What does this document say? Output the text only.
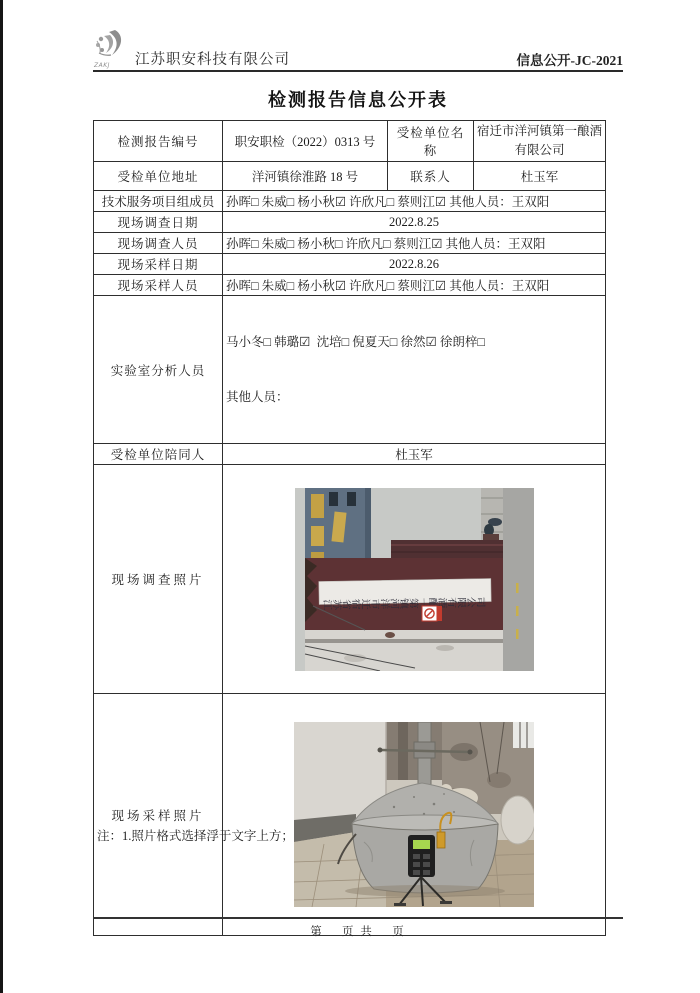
ZAKJ 江苏职安科技有限公司	信息公开-JC-2021
检测报告信息公开表
检测报告编号	职安职检（2022）0313 号	受检单位名称	宿迁市洋河镇第一酿酒有限公司
受检单位地址	洋河镇徐淮路 18 号	联系人	杜玉军
技术服务项目组成员	孙晖□ 朱威□ 杨小秋☑ 许欣凡□ 蔡则江☑ 其他人员：王双阳		
现场调查日期	2022.8.25		
现场调查人员	孙晖□ 朱威□ 杨小秋□ 许欣凡□ 蔡则江☑ 其他人员：王双阳		
现场采样日期	2022.8.26		
现场采样人员	孙晖□ 朱威□ 杨小秋☑ 许欣凡□ 蔡则江☑ 其他人员：王双阳		
实验室分析人员	马小冬□ 韩璐☑  沈培□ 倪夏天□ 徐然☑ 徐朗梓□

其他人员：		

受检单位陪同人	杜玉军		
现场调查照片	江苏省宿迁市洋河镇第一酿酒有限公司		

现场采样照片	
注：1.照片格式选择浮于文字上方；
第　 页 共　 页
